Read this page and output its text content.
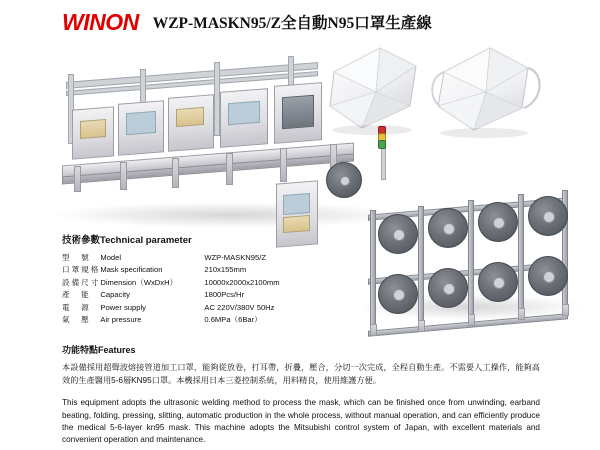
WINON WZP-MASKN95/Z全自動N95口罩生產線
技術參數Technical parameter
型　號	Model	WZP-MASKN95/Z
口罩規格	Mask specification	210x155mm
設備尺寸	Dimension（WxDxH）	10000x2000x2100mm
產　能	Capacity	1800Pcs/Hr
電　源	Power supply	AC 220V/380V 50Hz
氣　壓	Air pressure	0.6MPa（6Bar）
功能特點Features

本設備採用超聲波熔接管道加工口罩，能夠從放卷，打耳帶，折疊，壓合，分切一次完成，全程自動生產。不需要人工操作，能夠高效的生產醫用5-6層KN95口罩。本機採用日本三菱控制系統，用料精良，使用維護方便。

This equipment adopts the ultrasonic welding method to process the mask, which can be finished once from unwinding, earband beating, folding, pressing, slitting, automatic production in the whole process, without manual operation, and can efficiently produce the medical 5-6-layer kn95 mask. This machine adopts the Mitsubishi control system of Japan, with excellent materials and convenient operation and maintenance.
